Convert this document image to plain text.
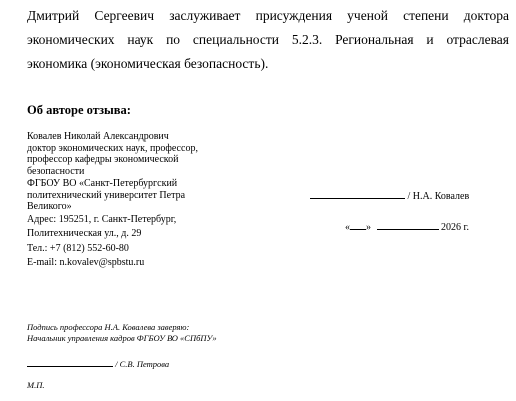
Дмитрий Сергеевич заслуживает присуждения ученой степени доктора
экономических наук по специальности 5.2.3. Региональная и отраслевая
экономика (экономическая безопасность).
Об авторе отзыва:
Ковалев Николай Александрович
доктор экономических наук, профессор,
профессор кафедры экономической
безопасности
ФГБОУ ВО «Санкт-Петербургский
политехнический университет Петра
Великого»
Адрес: 195251, г. Санкт-Петербург,
Политехническая ул., д. 29
Тел.: +7 (812) 552-60-80
E-mail: n.kovalev@spbstu.ru
/ Н.А. Ковалев
« »	2026 г.
Подпись профессора Н.А. Ковалева заверяю:
Начальник управления кадров ФГБОУ ВО «СПбПУ»
/ С.В. Петрова
М.П.
